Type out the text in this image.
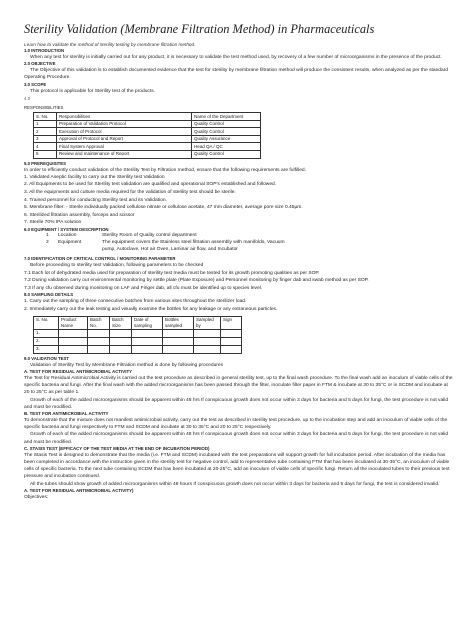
Sterility Validation (Membrane Filtration Method) in Pharmaceuticals

Learn how to validate the method of sterility testing by membrane filtration method.

1.0 INTRODUCTION

When any test for sterility is initially carried out for any product, it is necessary to validate the test method used, by recovery of a few number of microorganisms in the presence of the product.

2.0 OBJECTIVE

The Objective of this validation is to establish documented evidence that the test for sterility by membrane filtration method will produce the consistent results, when analyzed as per the standard Operating Procedure.

3.0 SCOPE

This protocol is applicable for Sterility test of the products.

4.0

RESPONSIBILITIES

S. No.	Responsibilities	Name of the Department
1	Preparation of Validation Protocol	Quality Control
2	Execution of Protocol	Quality Control
3	Approval of Protocol and Report	Quality Assurance
4	Final System Approval	Head QA / QC
5	Review and maintenance of Report	Quality Control

5.0 PREREQUISITES

In order to efficiently conduct validation of the Sterility Test by Filtration method, ensure that the following requirements are fulfilled.

1. Validated Aseptic facility to carry out the Sterility test Validation

2. All Equipments to be used for Sterility test validation are qualified and operational SOP's established and followed.

3. All the equipments and culture media required for the validation of sterility test should be sterile.

4. Trained personnel for conducting Sterility test and its Validation.

5. Membrane filter: - Sterile individually packed cellulose nitrate or cellulose acetate, 47 mm diameter, average pore size 0.45µm.

6. Sterilized filtration assembly, forceps and scissor

7. Sterile 70% IPA solution

6.0 EQUIPMENT / SYSTEM DESCRIPTION

1	Location	Sterility Room of Quality control department
2	Equipment	The equipment covers the Stainless steel filtration assembly with manifolds, Vacuum pump, Autoclave, Hot air Oven, Laminar air flow, and Incubator

7.0 IDENTIFICATION OF CRITICAL CONTROL / MONITORING PARAMETER

Before proceeding to sterility test Validation, following parameters to be checked

7.1 Each lot of dehydrated media used for preparation of sterility test media must be tested for its growth promoting qualities as per SOP.

7.2 During validation carry out environmental monitoring by settle plate (Plate Exposure) and Personnel monitoring by finger dab and swab method as per SOP.

7.3 If any cfu observed during monitoring on LAF and Finger dab, all cfu must be identified up to species level.

8.0 SAMPLING DETAILS

1. Carry out the sampling of three consecutive batches from various sites throughout the sterilizer load.

2. Immediately carry out the leak testing and visually examine the bottles for any leakage or any extraneous particles.

S. No.	Product Name	Batch No.	Batch Size	Date of sampling	Bottles sampled	Sampled by	Sign
1.							
2.							
3.							

9.0 VALIDATION TEST

Validation of Sterility Test by Membrane Filtration method is done by following procedures

A. TEST FOR RESIDUAL ANTIMICROBIAL ACTIVITY

The Test for Residual Antimicrobial Activity is carried out the test procedure as described in general sterility test, up to the final wash procedure. To the final wash add an inoculum of viable cells of the specific bacteria and fungi. After the final wash with the added microorganisms has been passed through the filter, inoculate filter paper in FTM & incubate at 30 to 35°C or in SCDM and incubate at 20 to 25°C as per table 1.

Growth of each of the added microorganisms should be apparent within 48 hrs If conspicuous growth does not occur within 3 days for bacteria and 5 days for fungi, the test procedure is not valid and must be modified.

B. TEST FOR ANTIMICROBIAL ACTIVITY

To demonstrate that the mixture does not manifest antimicrobial activity, carry out the test as described in sterility test procedure, up to the incubation step and add an inoculum of viable cells of the specific bacteria and fungi respectively to FTM and SCDM and incubate at 30 to 35°C and 20 to 25°C respectively.

Growth of each of the added microorganisms should be apparent within 48 hrs If conspicuous growth does not occur within 3 days for bacteria and 5 days for fungi, the test procedure is not valid and must be modified.

C. STASIS TEST (EFFICACY OF THE TEST MEDIA AT THE END OF INCUBATION PERIOD)

The Stasis Test is designed to demonstrate that the media (i.e. FTM and SCDM) incubated with the test preparations will support growth for full incubation period. After incubation of the media has been completed in accordance with the instruction given in the sterility test for negative control, add to representative tube containing FTM that has been incubated at 30-35°C, an inoculum of viable cells of specific bacteria. To the next tube containing SCDM that has been incubated at 20-25°C, add an inoculum of viable cells of specific fungi. Return all the inoculated tubes to their previous test pressure and incubation continued.

All the tubes should show growth of added microorganisms within 48 hours If conspicuous growth does not occur within 3 days for bacteria and 5 days for fungi, the test is considered invalid.

A. TEST FOR RESIDUAL ANTIMICROBIAL ACTIVITY)

Objectives:
